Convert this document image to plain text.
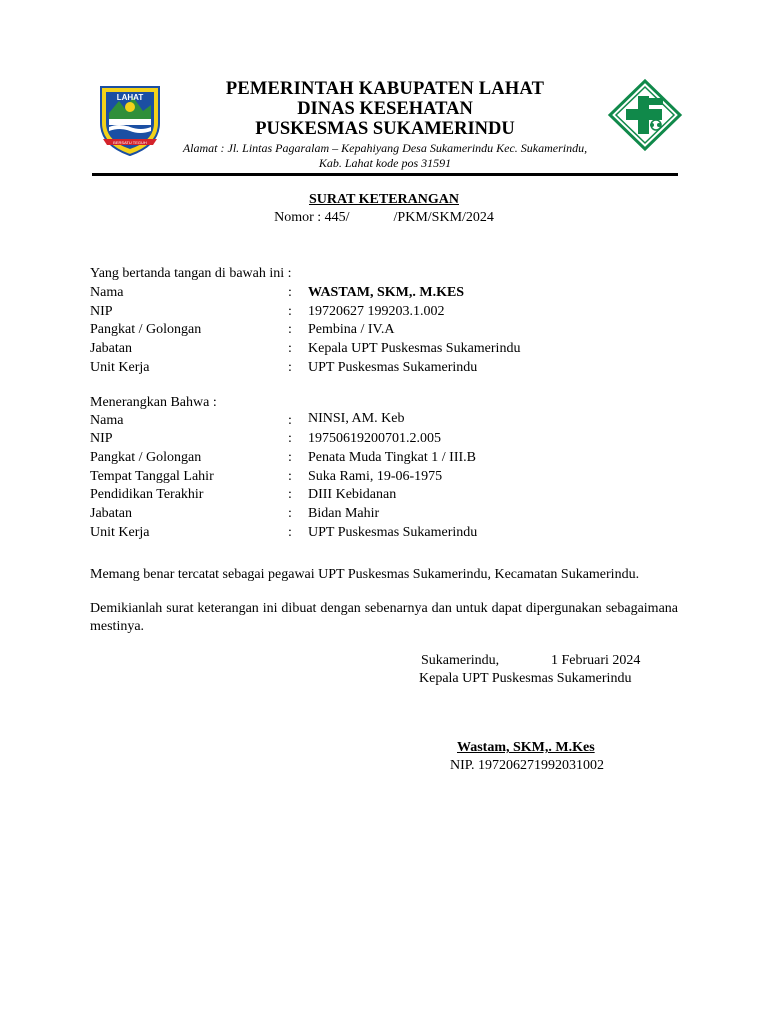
LAHAT
BERSATU TEGUH
PEMERINTAH KABUPATEN LAHAT
DINAS KESEHATAN
PUSKESMAS SUKAMERINDU
Alamat : Jl. Lintas Pagaralam – Kepahiyang Desa Sukamerindu Kec. Sukamerindu,
Kab. Lahat kode pos 31591
SURAT KETERANGAN
Nomor : 445/	/PKM/SKM/2024
Yang bertanda tangan di bawah ini :
Nama	: WASTAM, SKM,. M.KES
NIP	: 19720627 199203.1.002
Pangkat / Golongan	: Pembina / IV.A
Jabatan	: Kepala UPT Puskesmas Sukamerindu
Unit Kerja	: UPT Puskesmas Sukamerindu
Menerangkan Bahwa :
Nama	: NINSI, AM. Keb
NIP	: 19750619200701.2.005
Pangkat / Golongan	: Penata Muda Tingkat 1 / III.B
Tempat Tanggal Lahir	: Suka Rami, 19-06-1975
Pendidikan Terakhir	: DIII Kebidanan
Jabatan	: Bidan Mahir
Unit Kerja	: UPT Puskesmas Sukamerindu
Memang benar tercatat sebagai pegawai UPT Puskesmas Sukamerindu, Kecamatan Sukamerindu.
Demikianlah surat keterangan ini dibuat dengan sebenarnya dan untuk dapat dipergunakan sebagaimana mestinya.
Sukamerindu,	1 Februari 2024
Kepala UPT Puskesmas Sukamerindu
Wastam, SKM,. M.Kes
NIP. 197206271992031002
